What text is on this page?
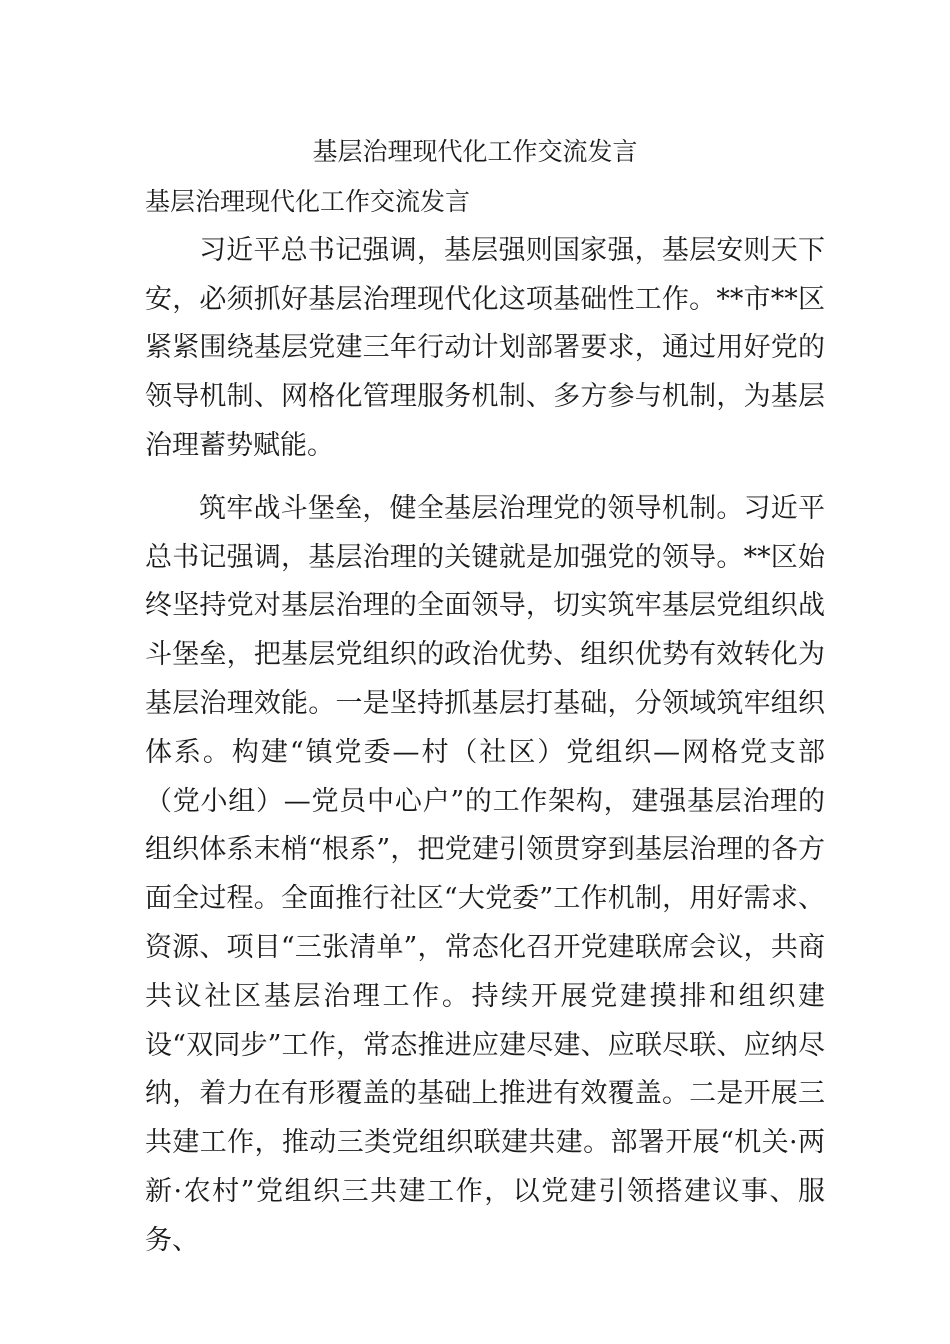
基层治理现代化工作交流发言
基层治理现代化工作交流发言

习近平总书记强调，基层强则国家强，基层安则天下安，必须抓好基层治理现代化这项基础性工作。**市**区紧紧围绕基层党建三年行动计划部署要求，通过用好党的领导机制、网格化管理服务机制、多方参与机制，为基层治理蓄势赋能。

筑牢战斗堡垒，健全基层治理党的领导机制。习近平总书记强调，基层治理的关键就是加强党的领导。**区始终坚持党对基层治理的全面领导，切实筑牢基层党组织战斗堡垒，把基层党组织的政治优势、组织优势有效转化为基层治理效能。一是坚持抓基层打基础，分领域筑牢组织体系。构建“镇党委—村（社区）党组织—网格党支部（党小组）—党员中心户”的工作架构，建强基层治理的组织体系末梢“根系”，把党建引领贯穿到基层治理的各方面全过程。全面推行社区“大党委”工作机制，用好需求、资源、项目“三张清单”，常态化召开党建联席会议，共商共议社区基层治理工作。持续开展党建摸排和组织建设“双同步”工作，常态推进应建尽建、应联尽联、应纳尽纳，着力在有形覆盖的基础上推进有效覆盖。二是开展三共建工作，推动三类党组织联建共建。部署开展“机关·两新·农村”党组织三共建工作，以党建引领搭建议事、服务、
